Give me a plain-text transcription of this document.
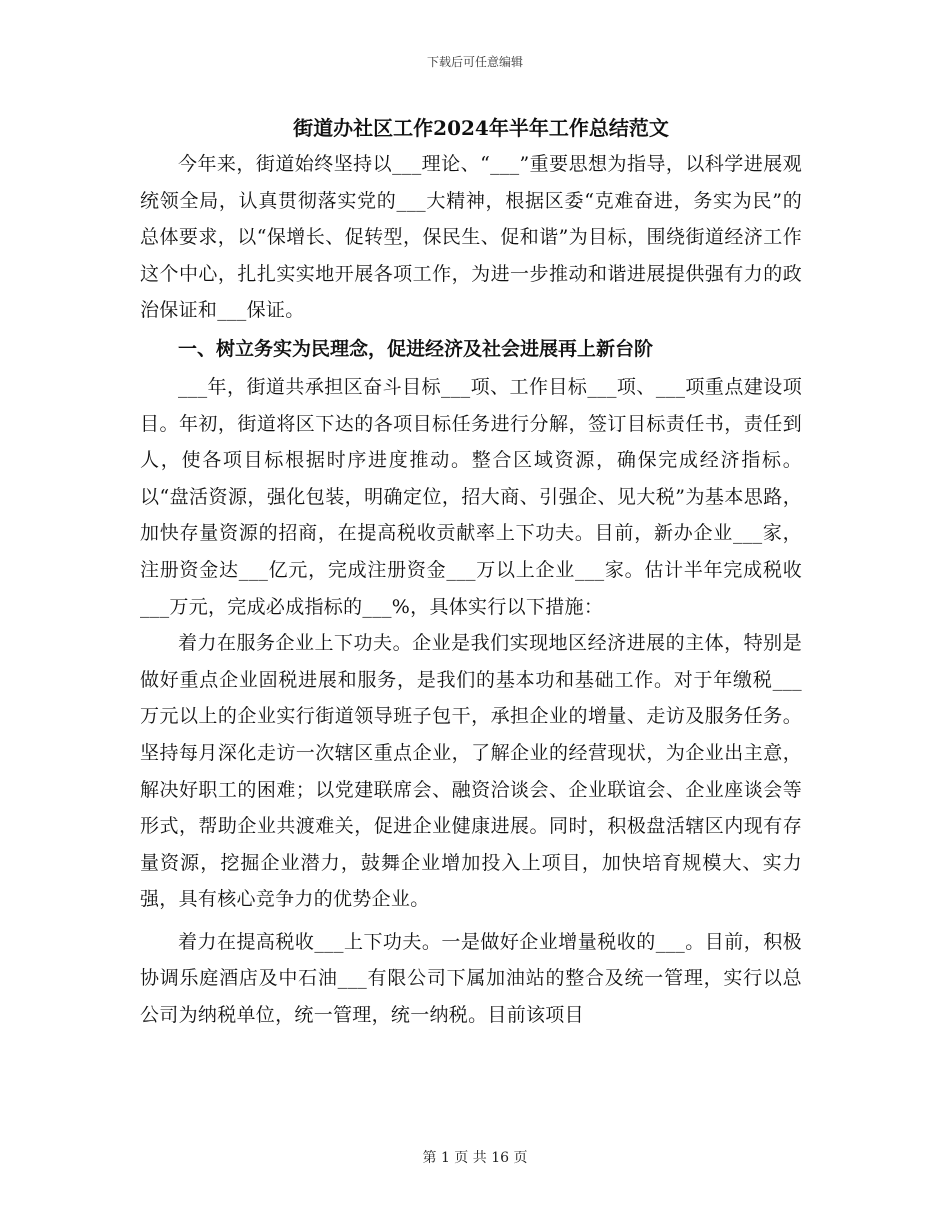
下载后可任意编辑
街道办社区工作2024年半年工作总结范文

今年来，街道始终坚持以___理论、“___”重要思想为指导，以科学进展观统领全局，认真贯彻落实党的___大精神，根据区委“克难奋进，务实为民”的总体要求，以“保增长、促转型，保民生、促和谐”为目标，围绕街道经济工作这个中心，扎扎实实地开展各项工作，为进一步推动和谐进展提供强有力的政治保证和___保证。

一、树立务实为民理念，促进经济及社会进展再上新台阶

___年，街道共承担区奋斗目标___项、工作目标___项、___项重点建设项目。年初，街道将区下达的各项目标任务进行分解，签订目标责任书，责任到人，使各项目标根据时序进度推动。整合区域资源，确保完成经济指标。以“盘活资源，强化包装，明确定位，招大商、引强企、见大税”为基本思路，加快存量资源的招商，在提高税收贡献率上下功夫。目前，新办企业___家，注册资金达___亿元，完成注册资金___万以上企业___家。估计半年完成税收___万元，完成必成指标的___%，具体实行以下措施：

着力在服务企业上下功夫。企业是我们实现地区经济进展的主体，特别是做好重点企业固税进展和服务，是我们的基本功和基础工作。对于年缴税___万元以上的企业实行街道领导班子包干，承担企业的增量、走访及服务任务。坚持每月深化走访一次辖区重点企业，了解企业的经营现状，为企业出主意，解决好职工的困难；以党建联席会、融资洽谈会、企业联谊会、企业座谈会等形式，帮助企业共渡难关，促进企业健康进展。同时，积极盘活辖区内现有存量资源，挖掘企业潜力，鼓舞企业增加投入上项目，加快培育规模大、实力强，具有核心竞争力的优势企业。

着力在提高税收___上下功夫。一是做好企业增量税收的___。目前，积极协调乐庭酒店及中石油___有限公司下属加油站的整合及统一管理，实行以总公司为纳税单位，统一管理，统一纳税。目前该项目

第 1 页 共 16 页
